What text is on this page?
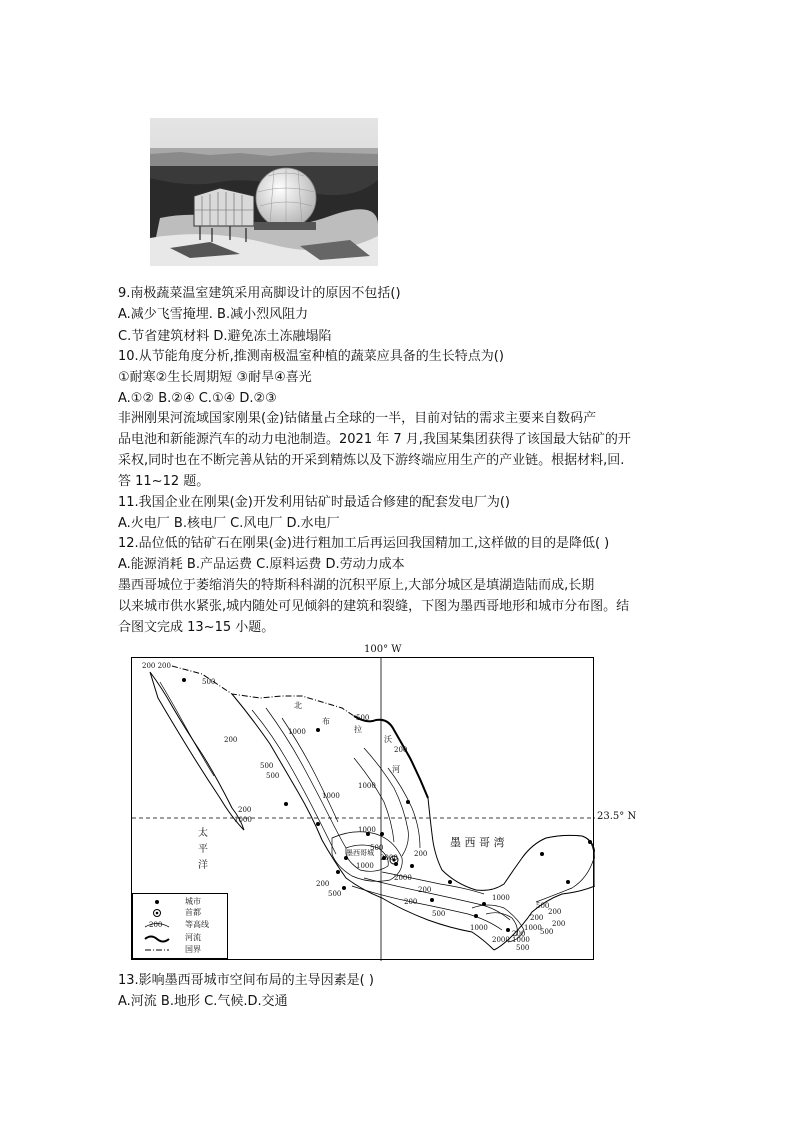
9.南极蔬菜温室建筑采用高脚设计的原因不包括()
A.减少飞雪掩埋. B.减小烈风阻力
C.节省建筑材料 D.避免冻土冻融塌陷
10.从节能角度分析,推测南极温室种植的蔬菜应具备的生长特点为()
①耐寒②生长周期短 ③耐旱④喜光
A.①② B.②④ C.①④ D.②③
非洲刚果河流域国家刚果(金)钴储量占全球的一半，目前对钴的需求主要来自数码产
品电池和新能源汽车的动力电池制造。2021 年 7 月,我国某集团获得了该国最大钴矿的开
采权,同时也在不断完善从钴的开采到精炼以及下游终端应用生产的产业链。根据材料,回.
答 11~12 题。
11.我国企业在刚果(金)开发利用钴矿时最适合修建的配套发电厂为()
A.火电厂 B.核电厂 C.风电厂 D.水电厂
12.品位低的钴矿石在刚果(金)进行粗加工后再运回我国精加工,这样做的目的是降低( )
A.能源消耗 B.产品运费 C.原料运费 D.劳动力成本
墨西哥城位于萎缩消失的特斯科科湖的沉积平原上,大部分城区是填湖造陆而成,长期
以来城市供水紧张,城内随处可见倾斜的建筑和裂缝，下图为墨西哥地形和城市分布图。结
合图文完成 13~15 小题。
100° W
太
平
洋
墨 西 哥 湾
北
布
拉
沃
河
墨西哥城
200 200
500
200
500
1000
500
200
500
200
1000
1000
1000
1000
200
1000
2000
500
200
200
500
200
200
2000 1000
500
1000
200
500
1000	200
2000
1000
200
500
500
23.5° N
200
城市
首都
等高线
河流
国界
13.影响墨西哥城市空间布局的主导因素是( )
A.河流 B.地形 C.气候.D.交通
